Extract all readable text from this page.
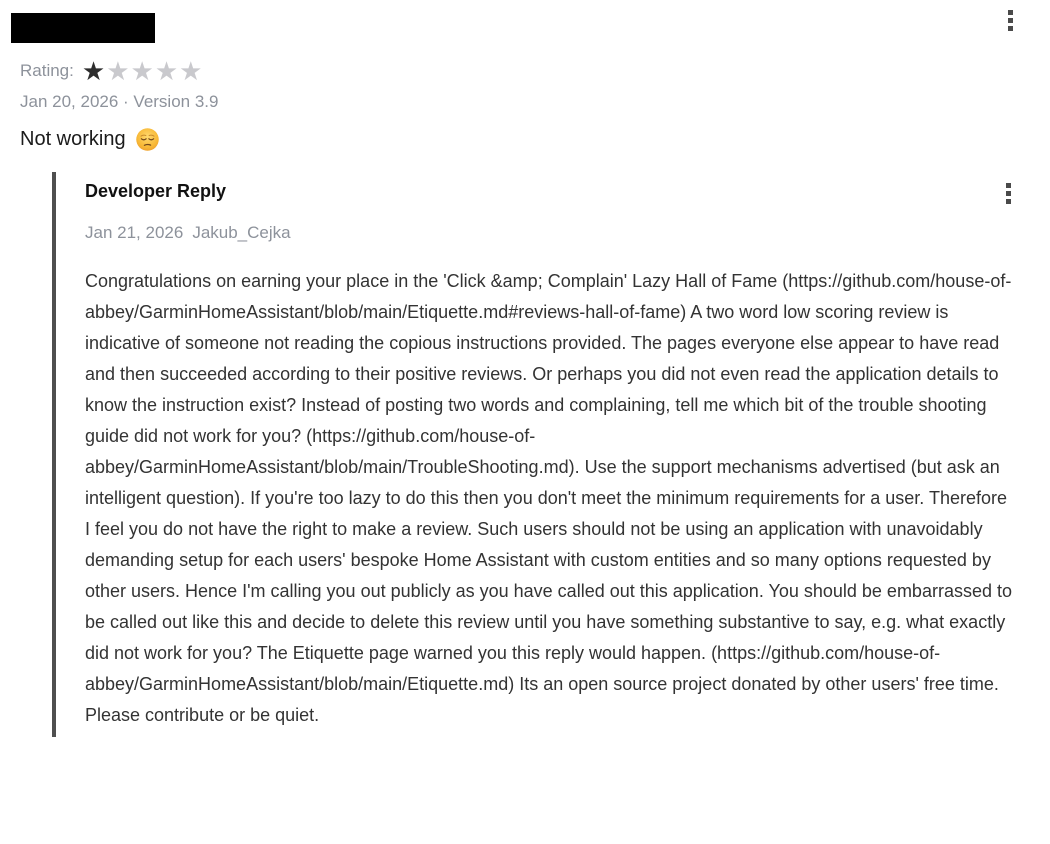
Rating: ★ ★ ★ ★ ★
Jan 20, 2026 · Version 3.9
Not working
Developer Reply
Jan 21, 2026 Jakub_Cejka

Congratulations on earning your place in the 'Click &amp; Complain' Lazy Hall of Fame (https://github.com/house-of-abbey/GarminHomeAssistant/blob/main/Etiquette.md#reviews-hall-of-fame) A two word low scoring review is indicative of someone not reading the copious instructions provided. The pages everyone else appear to have read and then succeeded according to their positive reviews. Or perhaps you did not even read the application details to know the instruction exist? Instead of posting two words and complaining, tell me which bit of the trouble shooting guide did not work for you? (https://github.com/house-of-abbey/GarminHomeAssistant/blob/main/TroubleShooting.md). Use the support mechanisms advertised (but ask an intelligent question). If you're too lazy to do this then you don't meet the minimum requirements for a user. Therefore I feel you do not have the right to make a review. Such users should not be using an application with unavoidably demanding setup for each users' bespoke Home Assistant with custom entities and so many options requested by other users. Hence I'm calling you out publicly as you have called out this application. You should be embarrassed to be called out like this and decide to delete this review until you have something substantive to say, e.g. what exactly did not work for you? The Etiquette page warned you this reply would happen. (https://github.com/house-of-abbey/GarminHomeAssistant/blob/main/Etiquette.md) Its an open source project donated by other users' free time. Please contribute or be quiet.
